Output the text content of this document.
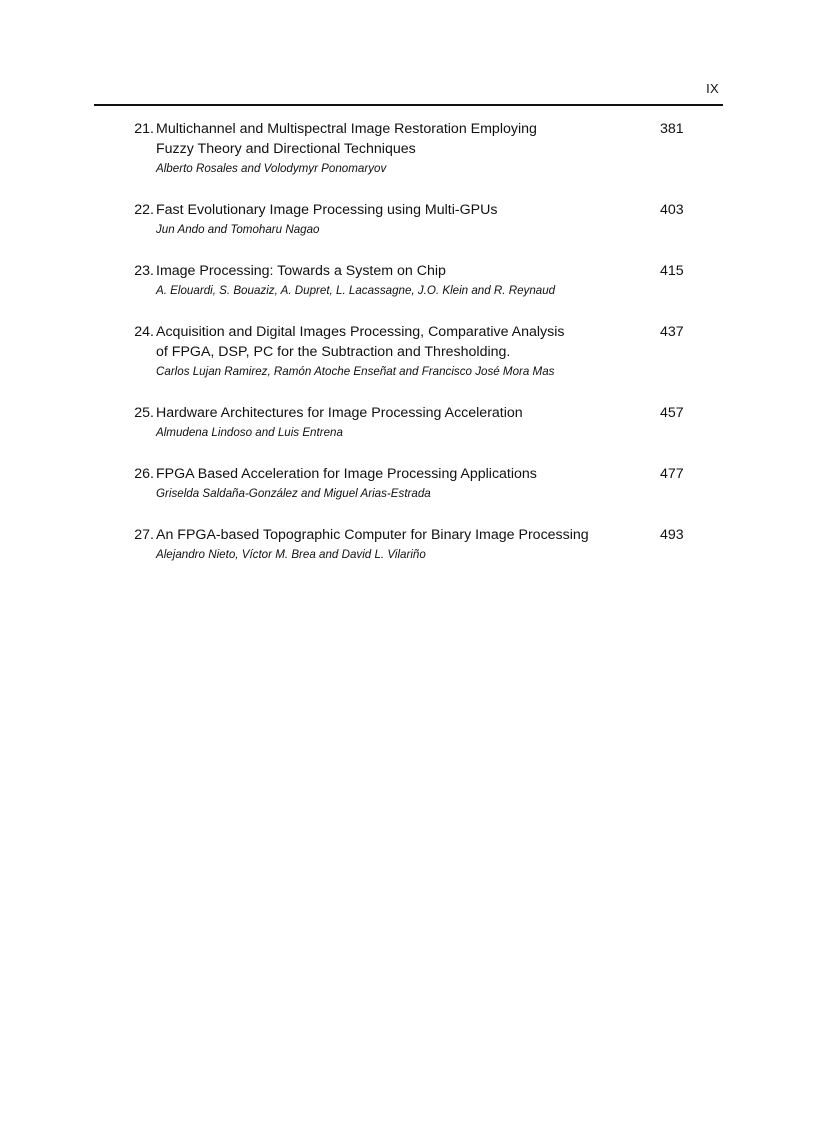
IX
21. Multichannel and Multispectral Image Restoration Employing
Fuzzy Theory and Directional Techniques
Alberto Rosales and Volodymyr Ponomaryov
381
22. Fast Evolutionary Image Processing using Multi-GPUs
Jun Ando and Tomoharu Nagao
403
23. Image Processing: Towards a System on Chip
A. Elouardi, S. Bouaziz, A. Dupret, L. Lacassagne, J.O. Klein and R. Reynaud
415
24. Acquisition and Digital Images Processing, Comparative Analysis
of FPGA, DSP, PC for the Subtraction and Thresholding.
Carlos Lujan Ramirez, Ramón Atoche Enseñat and Francisco José Mora Mas
437
25. Hardware Architectures for Image Processing Acceleration
Almudena Lindoso and Luis Entrena
457
26. FPGA Based Acceleration for Image Processing Applications
Griselda Saldaña-González and Miguel Arias-Estrada
477
27. An FPGA-based Topographic Computer for Binary Image Processing
Alejandro Nieto, Víctor M. Brea and David L. Vilariño
493
